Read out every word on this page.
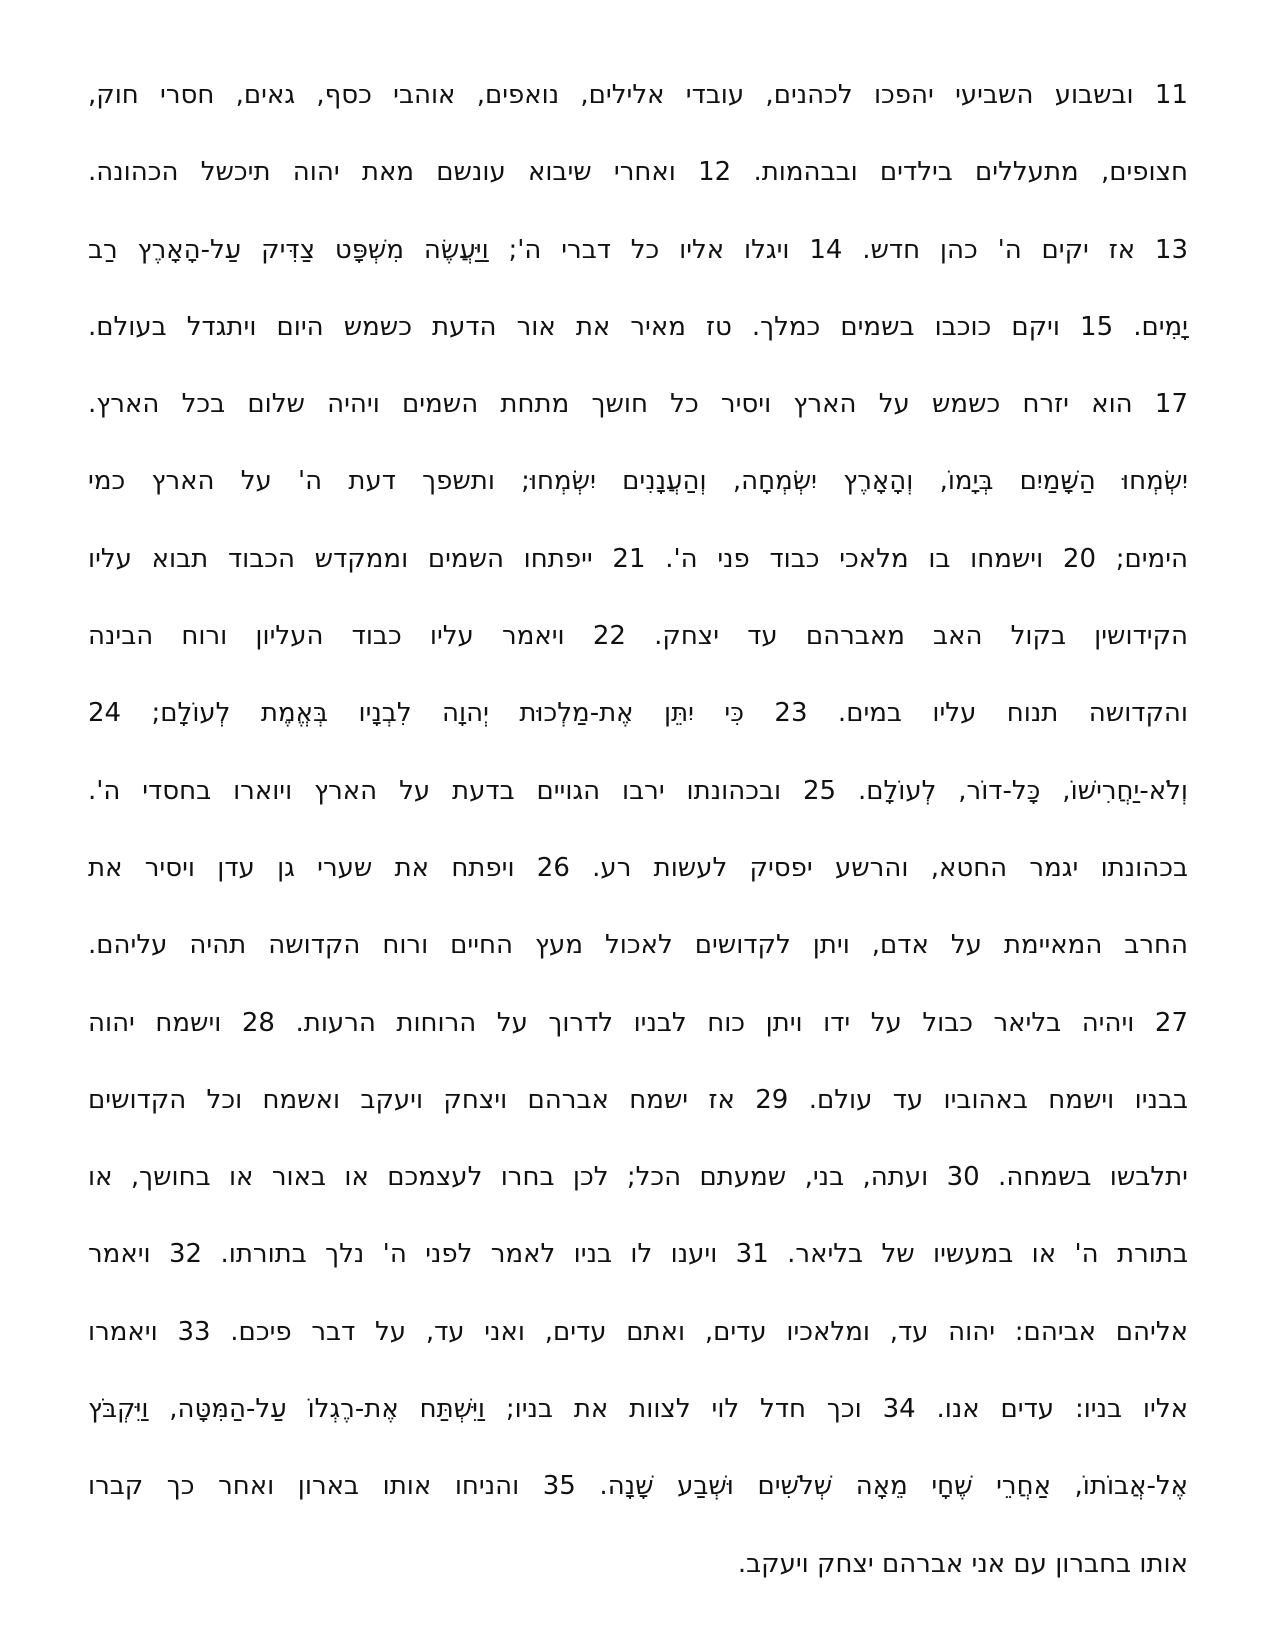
11 ובשבוע השביעי יהפכו לכהנים, עובדי אלילים, נואפים, אוהבי כסף, גאים, חסרי חוק,
חצופים, מתעללים בילדים ובבהמות. 12 ואחרי שיבוא עונשם מאת יהוה תיכשל הכהונה.
13 אז יקים ה' כהן חדש. 14 ויגלו אליו כל דברי ה'; וַיַּעֲשֶׂה מִשְׁפָּט צַדִּיק עַל-הָאָרֶץ רַב
יָמִים. 15 ויקם כוכבו בשמים כמלך. טז מאיר את אור הדעת כשמש היום ויתגדל בעולם.
17 הוא יזרח כשמש על הארץ ויסיר כל חושך מתחת השמים ויהיה שלום בכל הארץ.
יִשְׂמְחוּ הַשָּׁמַיִם בְּיָמוֹ, וְהָאָרֶץ יִשְׂמְחָה, וְהַעֲנָנִים יִשְׂמְחוּ; ותשפך דעת ה' על הארץ כמי
הימים; 20 וישמחו בו מלאכי כבוד פני ה'. 21 ייפתחו השמים וממקדש הכבוד תבוא עליו
הקידושין בקול האב מאברהם עד יצחק. 22 ויאמר עליו כבוד העליון ורוח הבינה
והקדושה תנוח עליו במים. 23 כִּי יִתֵּן אֶת-מַלְכוּת יְהוָה לִבְנָיו בְּאֱמֶת לְעוֹלָם; 24
וְלֹא-יַחֲרִישׁוֹ, כָּל-דוֹר, לְעוֹלָם. 25 ובכהונתו ירבו הגויים בדעת על הארץ ויוארו בחסדי ה'.
בכהונתו יגמר החטא, והרשע יפסיק לעשות רע. 26 ויפתח את שערי גן עדן ויסיר את
החרב המאיימת על אדם, ויתן לקדושים לאכול מעץ החיים ורוח הקדושה תהיה עליהם.
27 ויהיה בליאר כבול על ידו ויתן כוח לבניו לדרוך על הרוחות הרעות. 28 וישמח יהוה
בבניו וישמח באהוביו עד עולם. 29 אז ישמח אברהם ויצחק ויעקב ואשמח וכל הקדושים
יתלבשו בשמחה. 30 ועתה, בני, שמעתם הכל; לכן בחרו לעצמכם או באור או בחושך, או
בתורת ה' או במעשיו של בליאר. 31 ויענו לו בניו לאמר לפני ה' נלך בתורתו. 32 ויאמר
אליהם אביהם: יהוה עד, ומלאכיו עדים, ואתם עדים, ואני עד, על דבר פיכם. 33 ויאמרו
אליו בניו: עדים אנו. 34 וכך חדל לוי לצוות את בניו; וַיִּשְׁתַּח אֶת-רֶגְלוֹ עַל-הַמִּטָּה, וַיִּקְבֹּץ
אֶל-אֲבוֹתוֹ, אַחֲרֵי שֶׁחָי מֵאָה שְׁלֹשִׁים וּשְׁבַע שָׁנָה. 35 והניחו אותו בארון ואחר כך קברו
אותו בחברון עם אני אברהם יצחק ויעקב.
